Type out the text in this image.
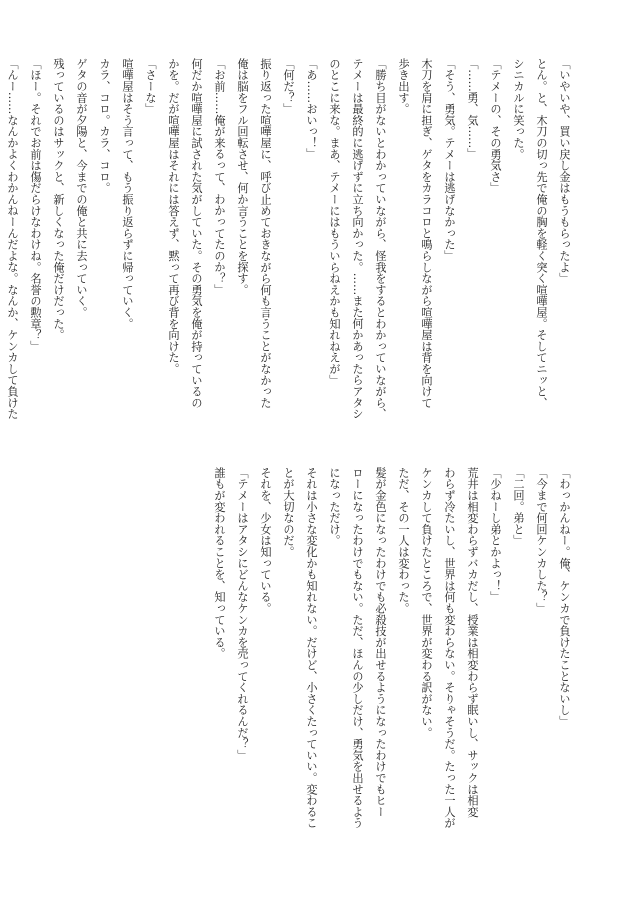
「いやいや、買い戻し金はもうもらったよ」

とん。と、木刀の切っ先で俺の胸を軽く突く喧嘩屋。そしてニッと、

シニカルに笑った。

「テメーの、その勇気さ」

「……勇、気……」

「そう、勇気。テメーは逃げなかった」

木刀を肩に担ぎ、ゲタをカラコロと鳴らしながら喧嘩屋は背を向けて

歩き出す。

「勝ち目がないとわかっていながら、怪我をするとわかっていながら、

テメーは最終的に逃げずに立ち向かった。……また何かあったらアタシ

のとこに来な。まあ、テメーにはもういらねえかも知れねえが」

「あ……おいっ！」

「何だ？」

振り返った喧嘩屋に、呼び止めておきながら何も言うことがなかった

俺は脳をフル回転させ、何か言うことを探す。

「お前……俺が来るって、わかってたのか？」

何だか喧嘩屋に試された気がしていた。その勇気を俺が持っているの

かを。だが喧嘩屋はそれには答えず、黙って再び背を向けた。

「さーな」

喧嘩屋はそう言って、もう振り返らずに帰っていく。

カラ、コロ。カラ、コロ。

ゲタの音が夕陽と、今までの俺と共に去っていく。

残っているのはサックと、新しくなった俺だけだった。

「ほー。それでお前は傷だらけなわけね。名誉の勲章？」

「んー……なんかよくわかんねーんだよな。なんか、ケンカして負けた

「わっかんねー。俺、ケンカで負けたことないし」

「今まで何回ケンカした？」

「二回。弟と」

「少ねーし弟とかよっ！」

荒井は相変わらずバカだし、授業は相変わらず眠いし、サックは相変

わらず冷たいし、世界は何も変わらない。そりゃそうだ。たった一人が

ケンカして負けたところで、世界が変わる訳がない。

ただ、その一人は変わった。

髪が金色になったわけでも必殺技が出せるようになったわけでもヒー

ローになったわけでもない。ただ、ほんの少しだけ、勇気を出せるよう

になっただけ。

それは小さな変化かも知れない。だけど、小さくたっていい。変わるこ

とが大切なのだ。

それを、少女は知っている。

「テメーはアタシにどんなケンカを売ってくれるんだ？」

誰もが変われることを、知っている。
